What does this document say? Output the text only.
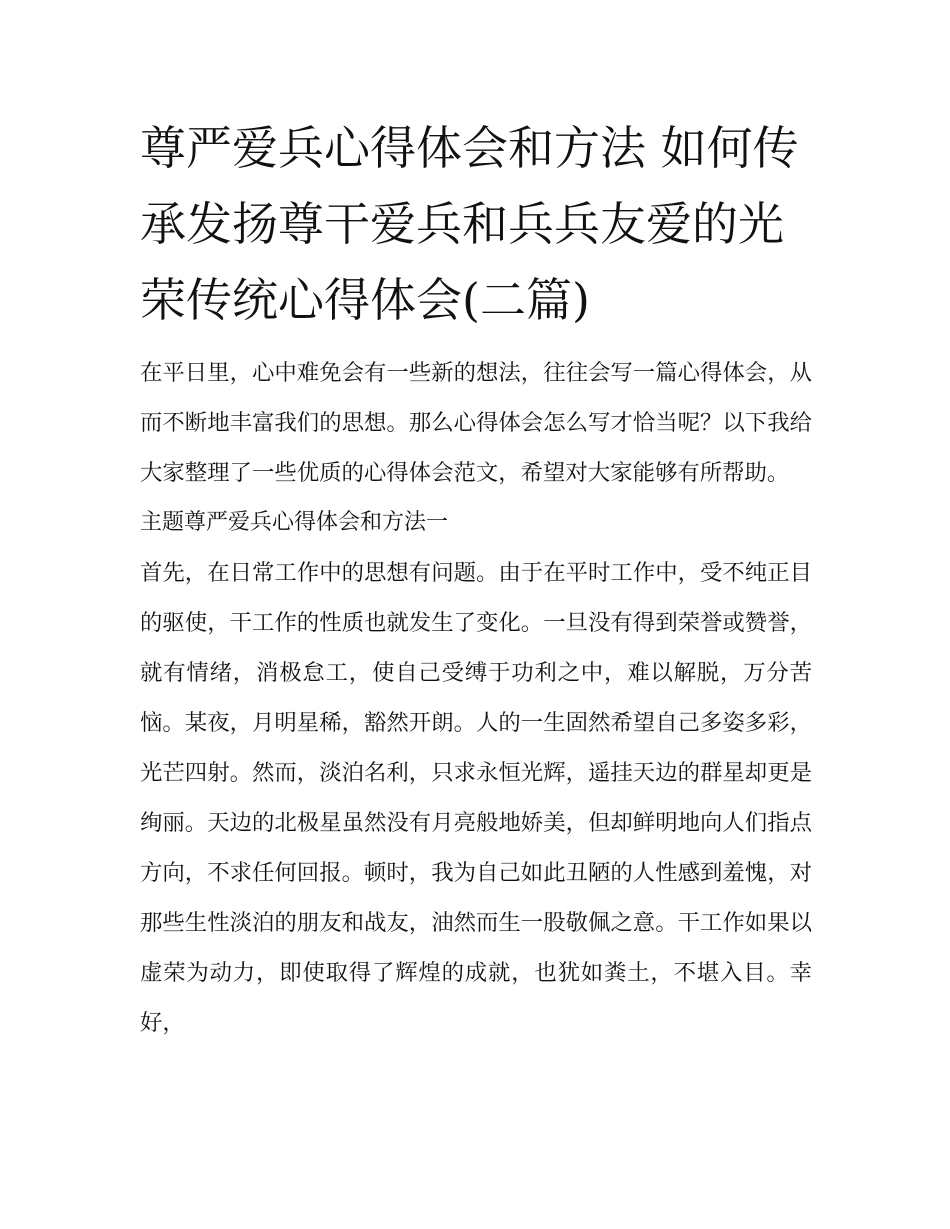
尊严爱兵心得体会和方法 如何传承发扬尊干爱兵和兵兵友爱的光荣传统心得体会(二篇)

在平日里，心中难免会有一些新的想法，往往会写一篇心得体会，从而不断地丰富我们的思想。那么心得体会怎么写才恰当呢？以下我给大家整理了一些优质的心得体会范文，希望对大家能够有所帮助。

主题尊严爱兵心得体会和方法一

首先，在日常工作中的思想有问题。由于在平时工作中，受不纯正目的驱使，干工作的性质也就发生了变化。一旦没有得到荣誉或赞誉，就有情绪，消极怠工，使自己受缚于功利之中，难以解脱，万分苦恼。某夜，月明星稀，豁然开朗。人的一生固然希望自己多姿多彩，光芒四射。然而，淡泊名利，只求永恒光辉，遥挂天边的群星却更是绚丽。天边的北极星虽然没有月亮般地娇美，但却鲜明地向人们指点方向，不求任何回报。顿时，我为自己如此丑陋的人性感到羞愧，对那些生性淡泊的朋友和战友，油然而生一股敬佩之意。干工作如果以虚荣为动力，即使取得了辉煌的成就，也犹如粪土，不堪入目。幸好，
